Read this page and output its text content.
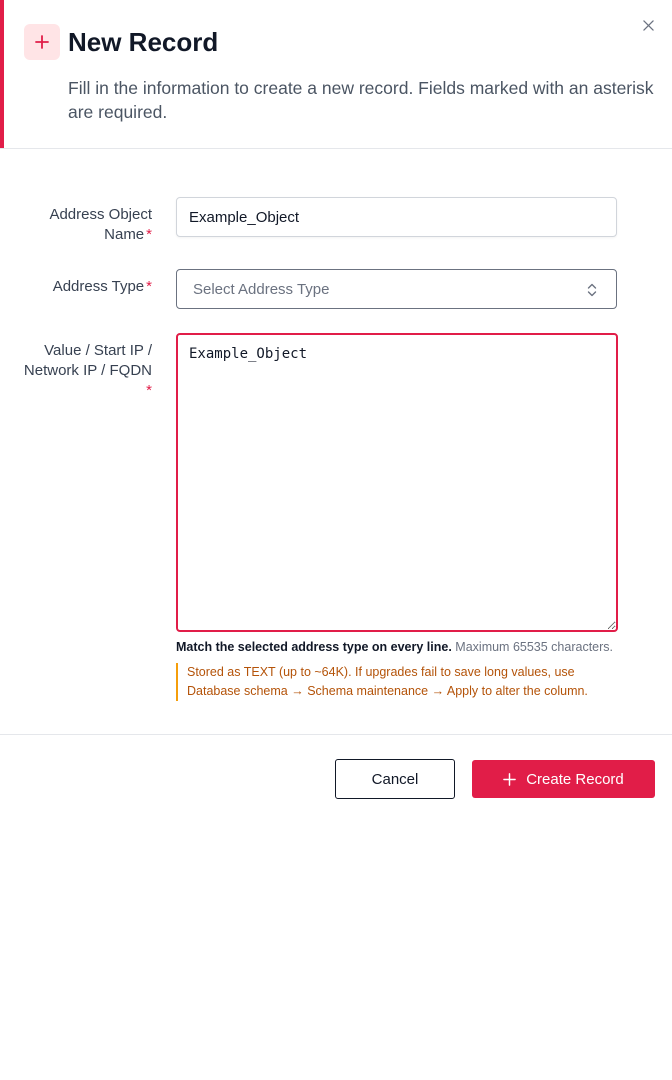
New Record

Fill in the information to create a new record. Fields marked with an asterisk are required.

Address Object Name *
Example_Object
Address Type *	Select Address Type
Value / Start IP / Network IP / FQDN
*
Example_Object
Match the selected address type on every line. Maximum 65535 characters.
Stored as TEXT (up to ~64K). If upgrades fail to save long values, use Database schema → Schema maintenance → Apply to alter the column.
Cancel	Create Record
